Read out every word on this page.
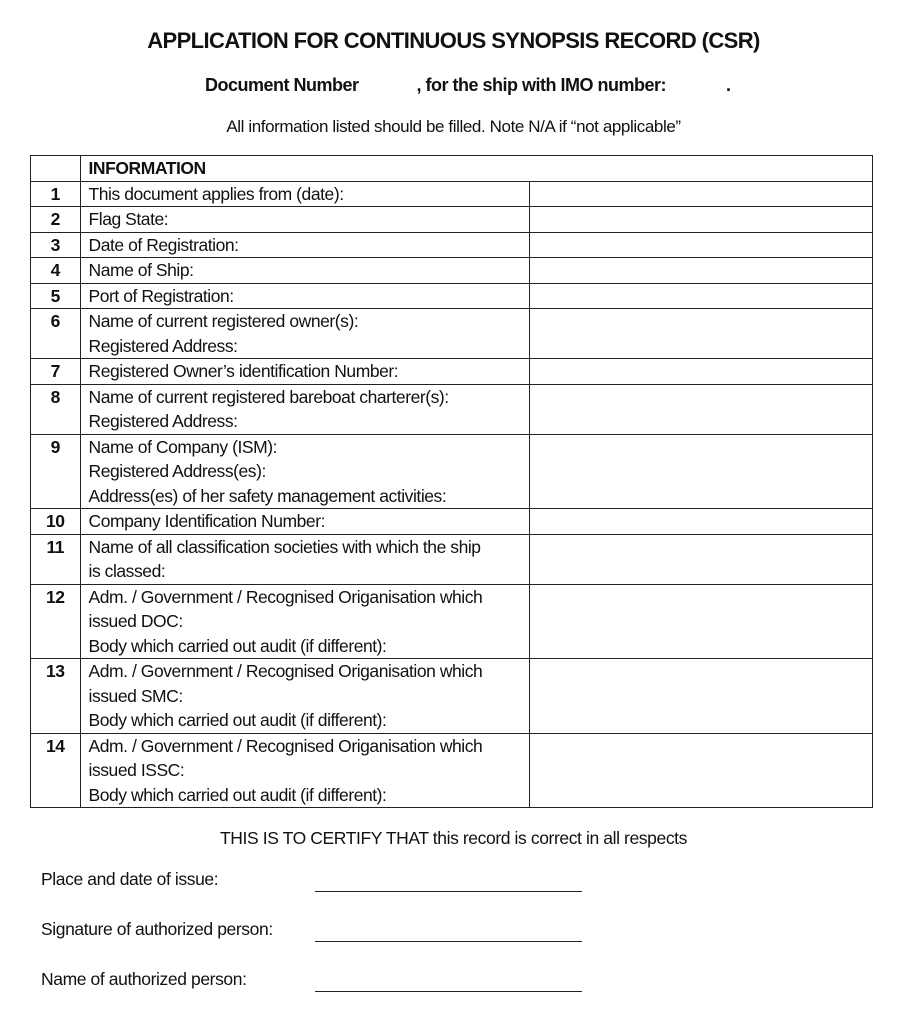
APPLICATION FOR CONTINUOUS SYNOPSIS RECORD (CSR)
Document Number	, for the ship with IMO number:	.
All information listed should be filled. Note N/A if “not applicable”
	INFORMATION	
1	This document applies from (date):	
2	Flag State:	
3	Date of Registration:	
4	Name of Ship:	
5	Port of Registration:	
6	Name of current registered owner(s):
Registered Address:	
7	Registered Owner’s identification Number:	
8	Name of current registered bareboat charterer(s):
Registered Address:	
9	Name of Company (ISM):
Registered Address(es):
Address(es) of her safety management activities:	
10	Company Identification Number:	
11	Name of all classification societies with which the ship
is classed:	
12	Adm. / Government / Recognised Origanisation which
issued DOC:
Body which carried out audit (if different):	
13	Adm. / Government / Recognised Origanisation which
issued SMC:
Body which carried out audit (if different):	
14	Adm. / Government / Recognised Origanisation which
issued ISSC:
Body which carried out audit (if different):	
THIS IS TO CERTIFY THAT this record is correct in all respects
Place and date of issue:
Signature of authorized person:
Name of authorized person:
